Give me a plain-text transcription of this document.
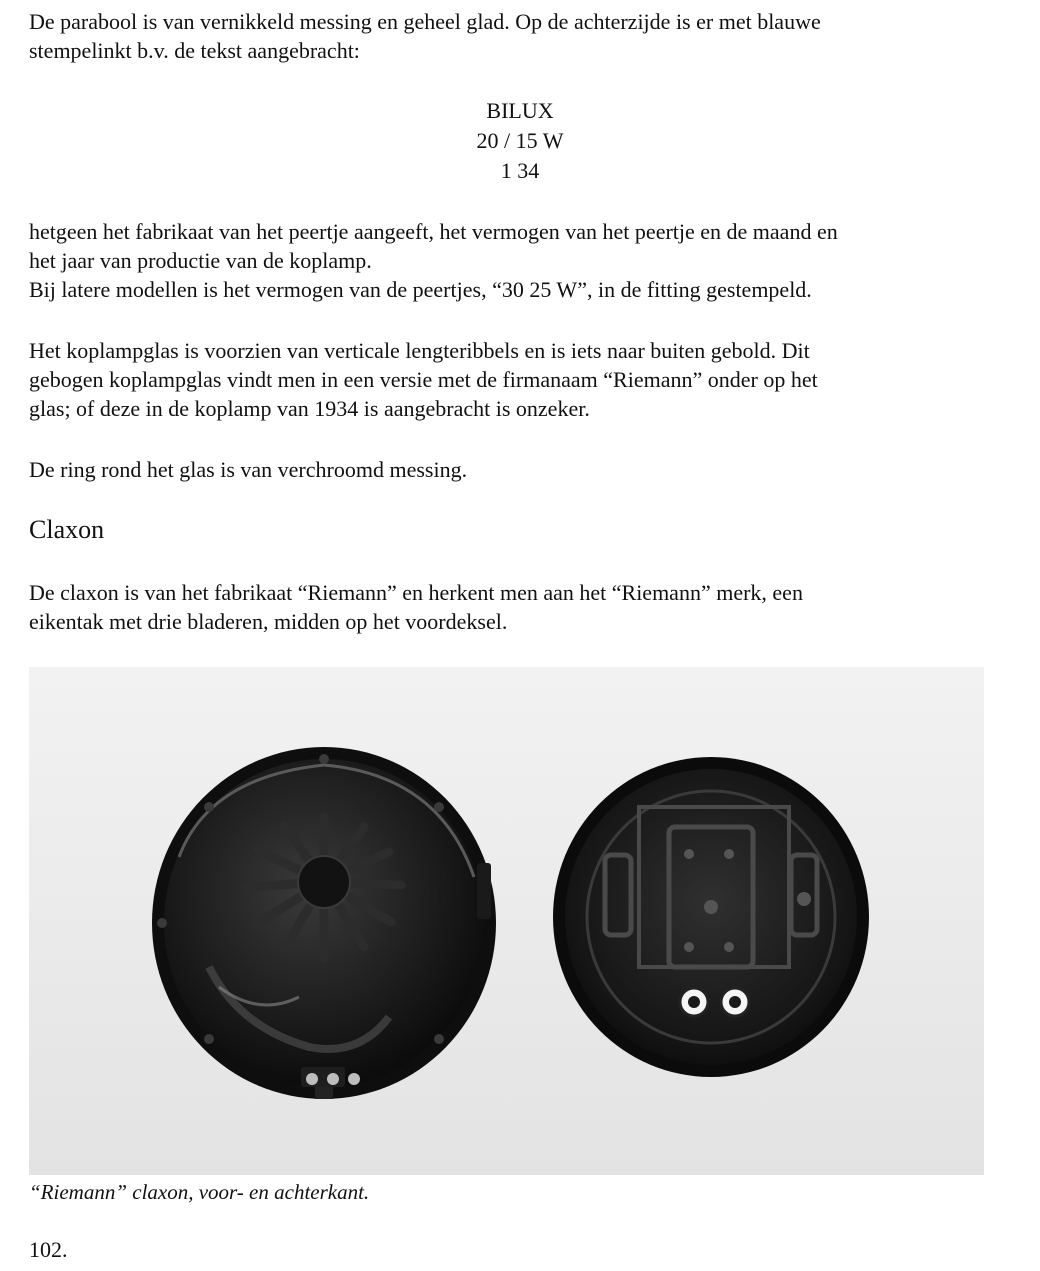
De parabool is van vernikkeld messing en geheel glad. Op de achterzijde is er met blauwe
stempelinkt b.v. de tekst aangebracht:

BILUX
20 / 15 W
1 34

hetgeen het fabrikaat van het peertje aangeeft, het vermogen van het peertje en de maand en
het jaar van productie van de koplamp.
Bij latere modellen is het vermogen van de peertjes, “30 25 W”, in de fitting gestempeld.

Het koplampglas is voorzien van verticale lengteribbels en is iets naar buiten gebold. Dit
gebogen koplampglas vindt men in een versie met de firmanaam “Riemann” onder op het
glas; of deze in de koplamp van 1934 is aangebracht is onzeker.

De ring rond het glas is van verchroomd messing.

Claxon

De claxon is van het fabrikaat “Riemann” en herkent men aan het “Riemann” merk, een
eikentak met drie bladeren, midden op het voordeksel.

“Riemann” claxon, voor- en achterkant.
102.
